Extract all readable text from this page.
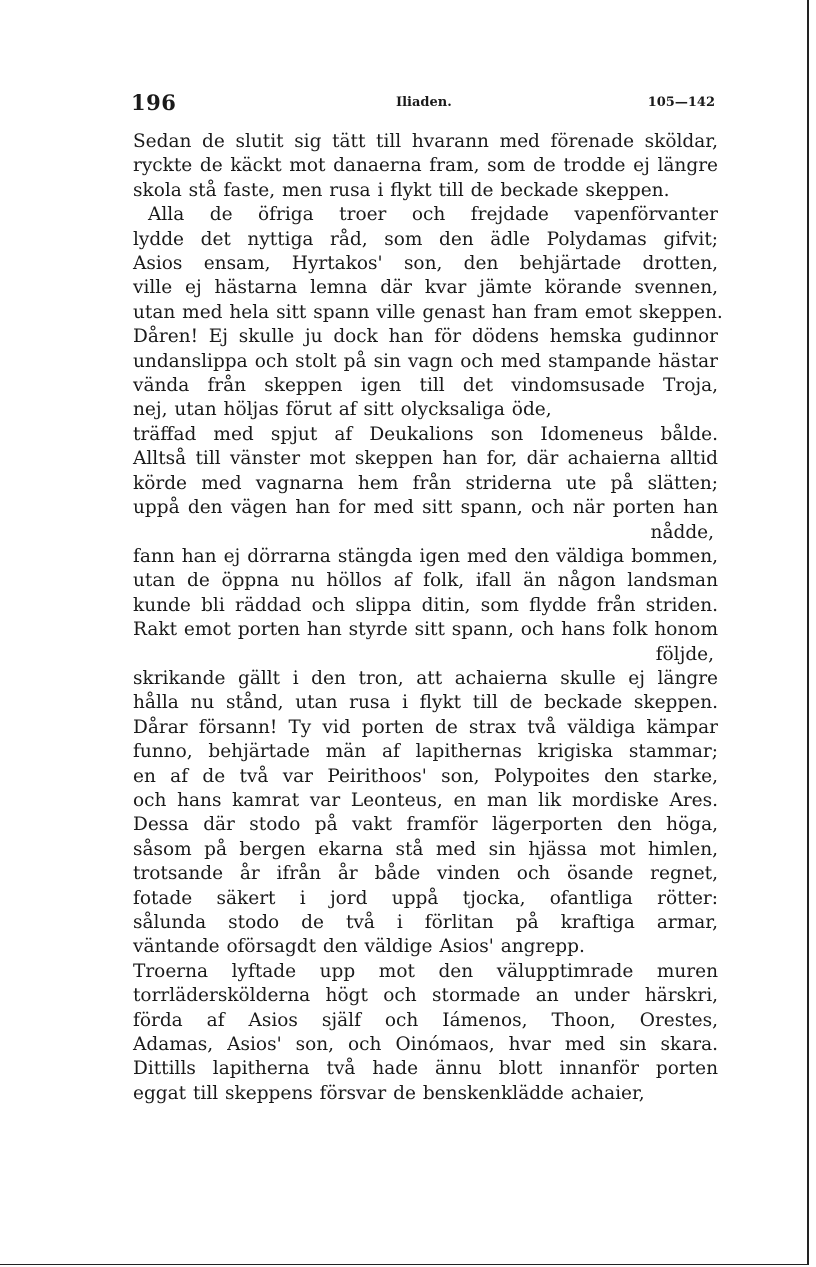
196	Iliaden.	105—142
Sedan de slutit sig tätt till hvarann med förenade sköldar,
ryckte de käckt mot danaerna fram, som de trodde ej längre
skola stå faste, men rusa i flykt till de beckade skeppen.
Alla de öfriga troer och frejdade vapenförvanter
lydde det nyttiga råd, som den ädle Polydamas gifvit;
Asios ensam, Hyrtakos' son, den behjärtade drotten,
ville ej hästarna lemna där kvar jämte körande svennen,
utan med hela sitt spann ville genast han fram emot skeppen.
Dåren! Ej skulle ju dock han för dödens hemska gudinnor
undanslippa och stolt på sin vagn och med stampande hästar
vända från skeppen igen till det vindomsusade Troja,
nej, utan höljas förut af sitt olycksaliga öde,
träffad med spjut af Deukalions son Idomeneus bålde.
Alltså till vänster mot skeppen han for, där achaierna alltid
körde med vagnarna hem från striderna ute på slätten;
uppå den vägen han for med sitt spann, och när porten han
nådde,
fann han ej dörrarna stängda igen med den väldiga bommen,
utan de öppna nu höllos af folk, ifall än någon landsman
kunde bli räddad och slippa ditin, som flydde från striden.
Rakt emot porten han styrde sitt spann, och hans folk honom
följde,
skrikande gällt i den tron, att achaierna skulle ej längre
hålla nu stånd, utan rusa i flykt till de beckade skeppen.
Dårar försann! Ty vid porten de strax två väldiga kämpar
funno, behjärtade män af lapithernas krigiska stammar;
en af de två var Peirithoos' son, Polypoites den starke,
och hans kamrat var Leonteus, en man lik mordiske Ares.
Dessa där stodo på vakt framför lägerporten den höga,
såsom på bergen ekarna stå med sin hjässa mot himlen,
trotsande år ifrån år både vinden och ösande regnet,
fotade säkert i jord uppå tjocka, ofantliga rötter:
sålunda stodo de två i förlitan på kraftiga armar,
väntande oförsagdt den väldige Asios' angrepp.
Troerna lyftade upp mot den välupptimrade muren
torrläderskölderna högt och stormade an under härskri,
förda af Asios själf och Iámenos, Thoon, Orestes,
Adamas, Asios' son, och Oinómaos, hvar med sin skara.
Dittills lapitherna två hade ännu blott innanför porten
eggat till skeppens försvar de benskenklädde achaier,
